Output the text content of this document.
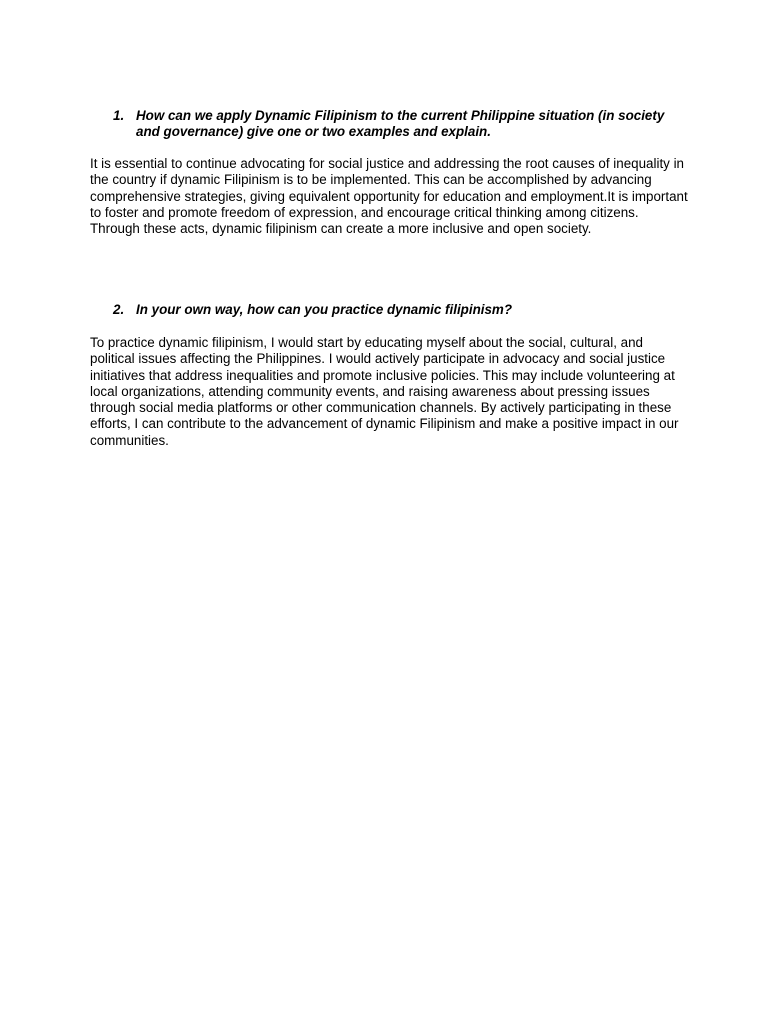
1. How can we apply Dynamic Filipinism to the current Philippine situation (in society and governance) give one or two examples and explain.

It is essential to continue advocating for social justice and addressing the root causes of inequality in the country if dynamic Filipinism is to be implemented. This can be accomplished by advancing comprehensive strategies, giving equivalent opportunity for education and employment.It is important to foster and promote freedom of expression, and encourage critical thinking among citizens. Through these acts, dynamic filipinism can create a more inclusive and open society.

2. In your own way, how can you practice dynamic filipinism?

To practice dynamic filipinism, I would start by educating myself about the social, cultural, and political issues affecting the Philippines. I would actively participate in advocacy and social justice initiatives that address inequalities and promote inclusive policies. This may include volunteering at local organizations, attending community events, and raising awareness about pressing issues through social media platforms or other communication channels. By actively participating in these efforts, I can contribute to the advancement of dynamic Filipinism and make a positive impact in our communities.
